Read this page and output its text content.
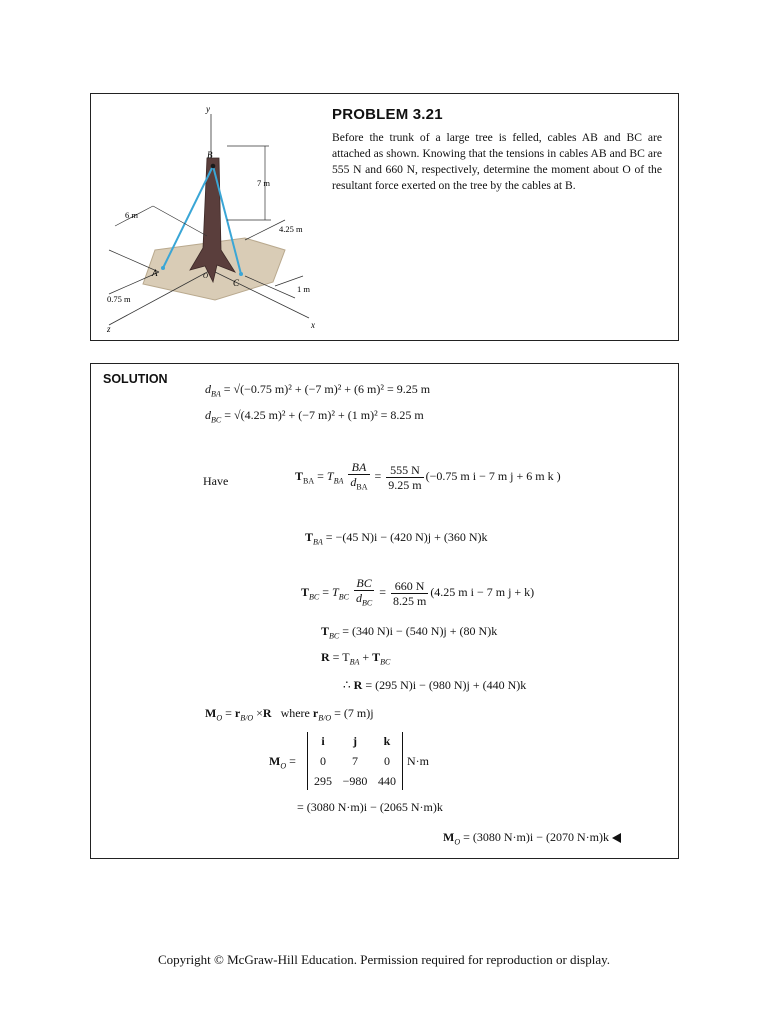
y
x
z
B
A
C
O
7 m
6 m
4.25 m
0.75 m
1 m
PROBLEM 3.21
Before the trunk of a large tree is felled, cables AB and BC are attached as shown. Knowing that the tensions in cables AB and BC are 555 N and 660 N, respectively, determine the moment about O of the resultant force exerted on the tree by the cables at B.
SOLUTION
$d_{BA} = √(-0.75$ m)² + (−7 m)² + (6 m)² = 9.25 m
$d_{BC} = √(4.25$ m)² + (−7 m)² + (1 m)² = 8.25 m
Have	$T_{BA} = T_{BA} \frac{BA}{d_{BA}} = \frac{555 N}{9.25 m} (-0.75$ m i − 7 m j + 6 m k )
$T_{BA} = -(45$ N)i − (420 N)j + (360 N)k
$T_{BC} = T_{BC} \frac{BC}{d_{BC}} = \frac{660 N}{8.25 m} (4.25$ m i − 7 m j + k)
$T_{BC} = (340$ N)i − (540 N)j + (80 N)k
$R = T_{BA} + T_{BC}$
∴ R = (295 N)i − (980 N)j + (440 N)k
$M_O = r_{B/O} \times R$ where $r_{B/O} = (7$ m)j
$M_O$ =
i	j	k
0	7	0
295 −980 440
N·m
= (3080 N·m)i − (2065 N·m)k
$M_O = (3080$ N·m)i − (2070 N·m)k
Copyright © McGraw-Hill Education. Permission required for reproduction or display.
